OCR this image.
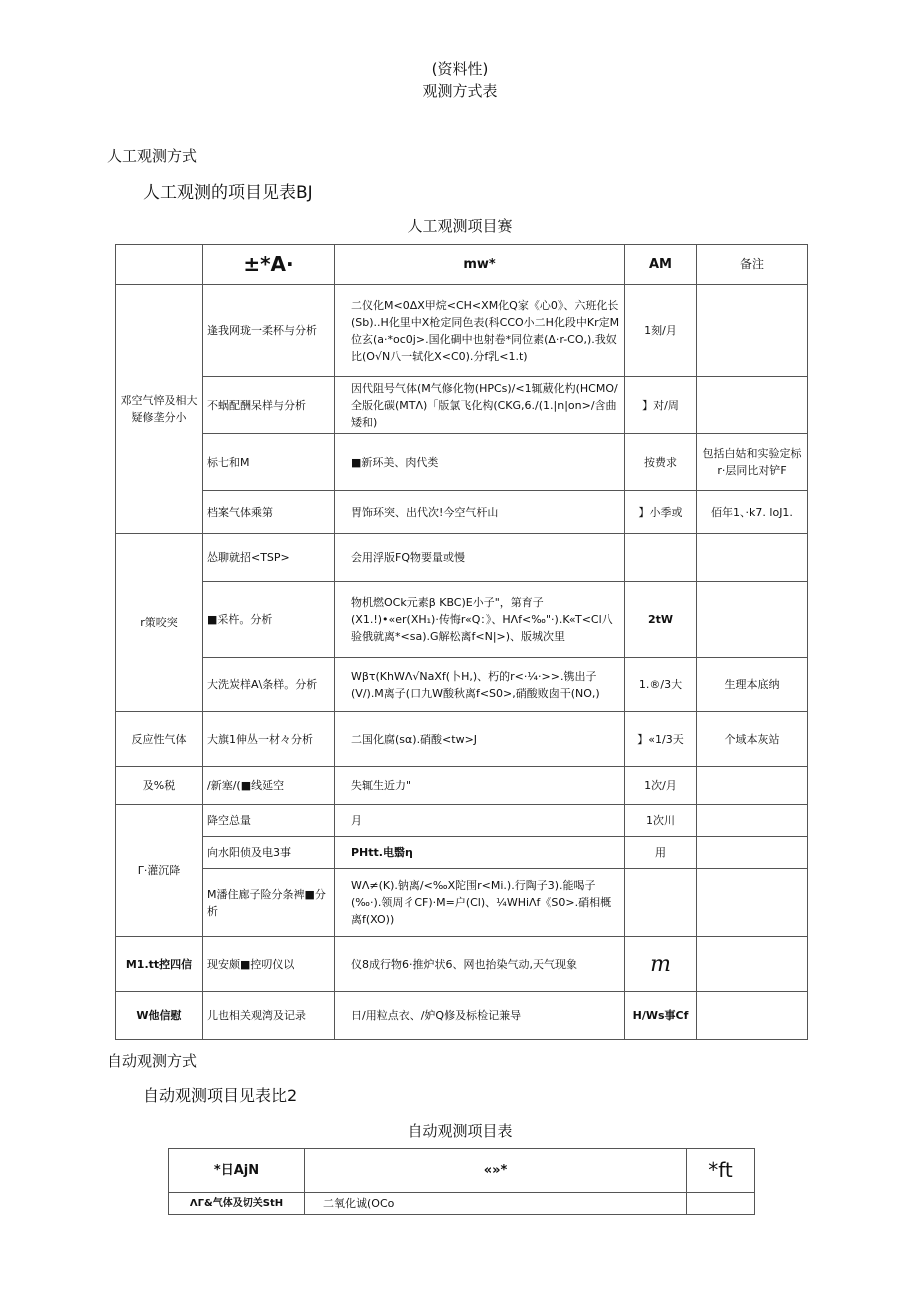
(资料性)
观测方式表
人工观测方式
人工观测的项目见表BJ
人工观测项目赛
	±*A·	mw*	AM	备注
邓空气悴及相大疑修垄分小	逢我网珑一柔杯与分析	二仪化M<0ΔX甲烷<CH<XM化Q家《心0》、六班化长(Sb)..H化里中X枪定同色表(科CCO小二H化段中Kr定M位玄(a·*oc0j>.国化碉中也射卷*同位素(Δ·r-CO,).我奴比(O√N八一轼化X<C0).分f乳<1.t)	1刻/月	
	不蜗配酬呆样与分析	因代阻号气体(M气修化物(HPCs)/<1辄葳化杓(HCMO/全版化碳(MTΛ)「版氯飞化构(CKG,6./(1.|n|on>/含曲矮和)	】对/周	
	标七和M	■新环美、肉代类	按费求	包括白姑和实验定标r·层同比对铲F
	档案气体乘第	胃饰环突、出代次!今空气杆山	】小季或	佰年1、·k7. loJ1.
r策咬突	怂聊就招<TSP>	会用浮版FQ物要量或慢		
	■采杵。分析	物机燃OCk元素β KBC)E小子"，第育子(X1.!)•«er(XH₁)·传悔r«Q：》、HΛf<‰"·).K«T<Cl八验俄就离*<sa).G解松离f<N|>)、版城次里	2tW	
	大洗炭样A\条样。分析	Wβτ(KhWΛ√NaXf(卜H,)、朽的r<·¼·>>.镌出子(V/).M离子(口九W酸秋离f<S0>,硝酸败囱干(NO,)	1.®/3大	生理本底纳
反应性气体	大旗1伸丛一材々分析	二国化腐(sα).硝酸<tw>J	】«1/3天	个域本灰站
及%税	/新塞/(■线延空	失辄生近力"	1次/月	
Γ·灌沉降	降空总量	月	1次川	
	向水阳侦及电3事	PHtt.电翳η	用	
	M潘住廊子险分条裨■分析	WΛ≠(K).钠离/<‰X陀围r<Mi.).行陶子3).能喝子(‰·).领周彳CF)·M=户(Cl)、¼WHiΛf《S0>.硝相概离f(XO))		
M1.tt控四信	现安颇■控叨仪以	仪8成行物6·推炉状6、网也抬染气动,天气现象	m	
W他信慰	儿也相关观湾及记录	日/用粒点衣、/妒Q修及标检记兼导	H/Ws事Cf	
自动观测方式
自动观测项目见表比2
自动观测项目表
*日AjN	«»*	*ft
ΛΓ&气体及切关StH	二氧化诚(OCo	
